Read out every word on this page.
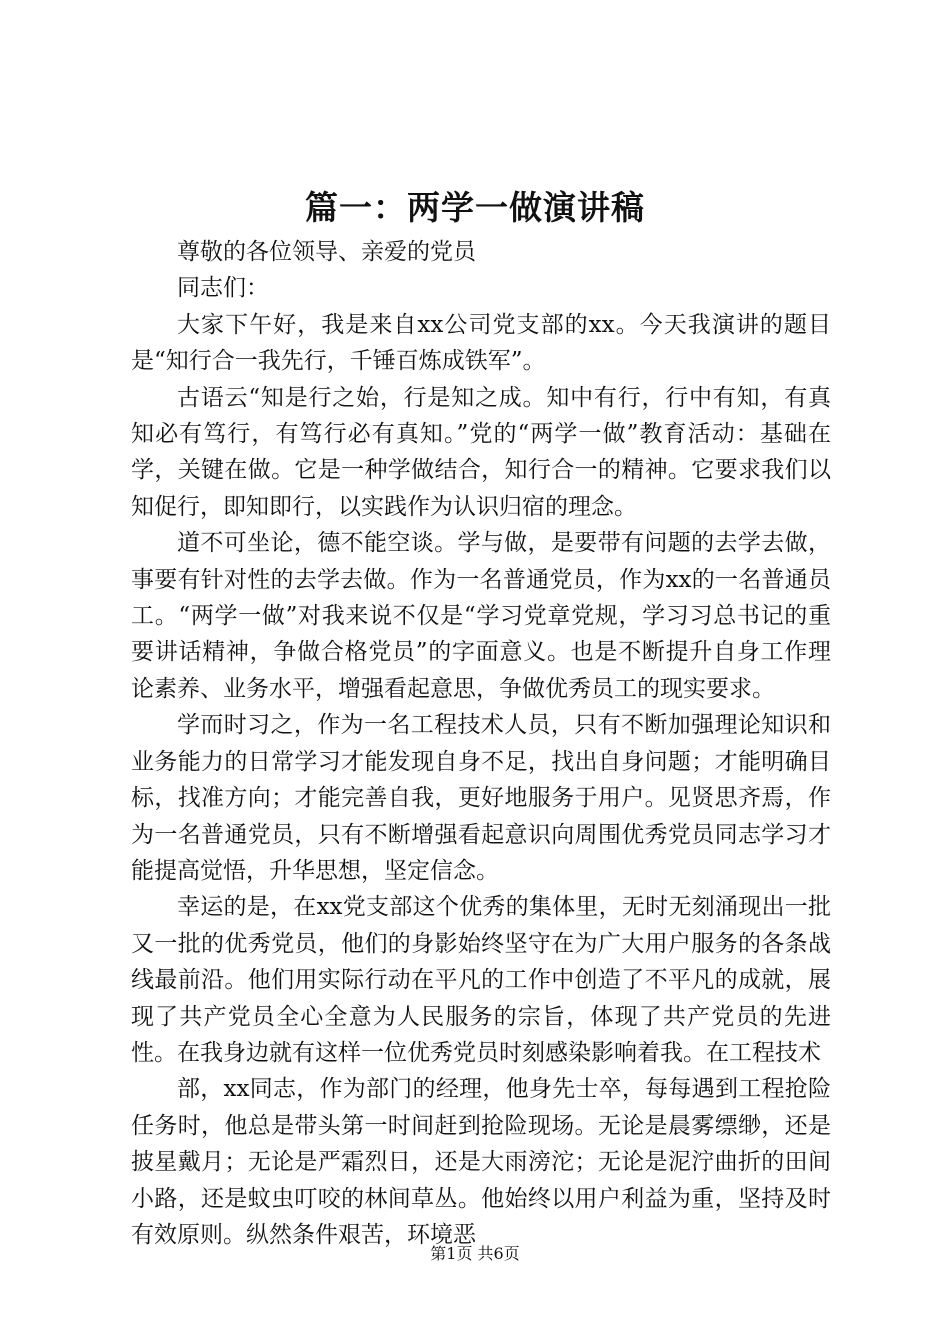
篇一：两学一做演讲稿

尊敬的各位领导、亲爱的党员

同志们：

大家下午好，我是来自xx公司党支部的xx。今天我演讲的题目是“知行合一我先行，千锤百炼成铁军”。

古语云“知是行之始，行是知之成。知中有行，行中有知，有真知必有笃行，有笃行必有真知。”党的“两学一做”教育活动：基础在学，关键在做。它是一种学做结合，知行合一的精神。它要求我们以知促行，即知即行，以实践作为认识归宿的理念。

道不可坐论，德不能空谈。学与做，是要带有问题的去学去做，事要有针对性的去学去做。作为一名普通党员，作为xx的一名普通员工。“两学一做”对我来说不仅是“学习党章党规，学习习总书记的重要讲话精神，争做合格党员”的字面意义。也是不断提升自身工作理论素养、业务水平，增强看起意思，争做优秀员工的现实要求。

学而时习之，作为一名工程技术人员，只有不断加强理论知识和业务能力的日常学习才能发现自身不足，找出自身问题；才能明确目标，找准方向；才能完善自我，更好地服务于用户。见贤思齐焉，作为一名普通党员，只有不断增强看起意识向周围优秀党员同志学习才能提高觉悟，升华思想，坚定信念。

幸运的是，在xx党支部这个优秀的集体里，无时无刻涌现出一批又一批的优秀党员，他们的身影始终坚守在为广大用户服务的各条战线最前沿。他们用实际行动在平凡的工作中创造了不平凡的成就，展现了共产党员全心全意为人民服务的宗旨，体现了共产党员的先进性。在我身边就有这样一位优秀党员时刻感染影响着我。在工程技术

部，xx同志，作为部门的经理，他身先士卒，每每遇到工程抢险任务时，他总是带头第一时间赶到抢险现场。无论是晨雾缥缈，还是披星戴月；无论是严霜烈日，还是大雨滂沱；无论是泥泞曲折的田间小路，还是蚊虫叮咬的林间草丛。他始终以用户利益为重，坚持及时有效原则。纵然条件艰苦，环境恶

第1页 共6页
